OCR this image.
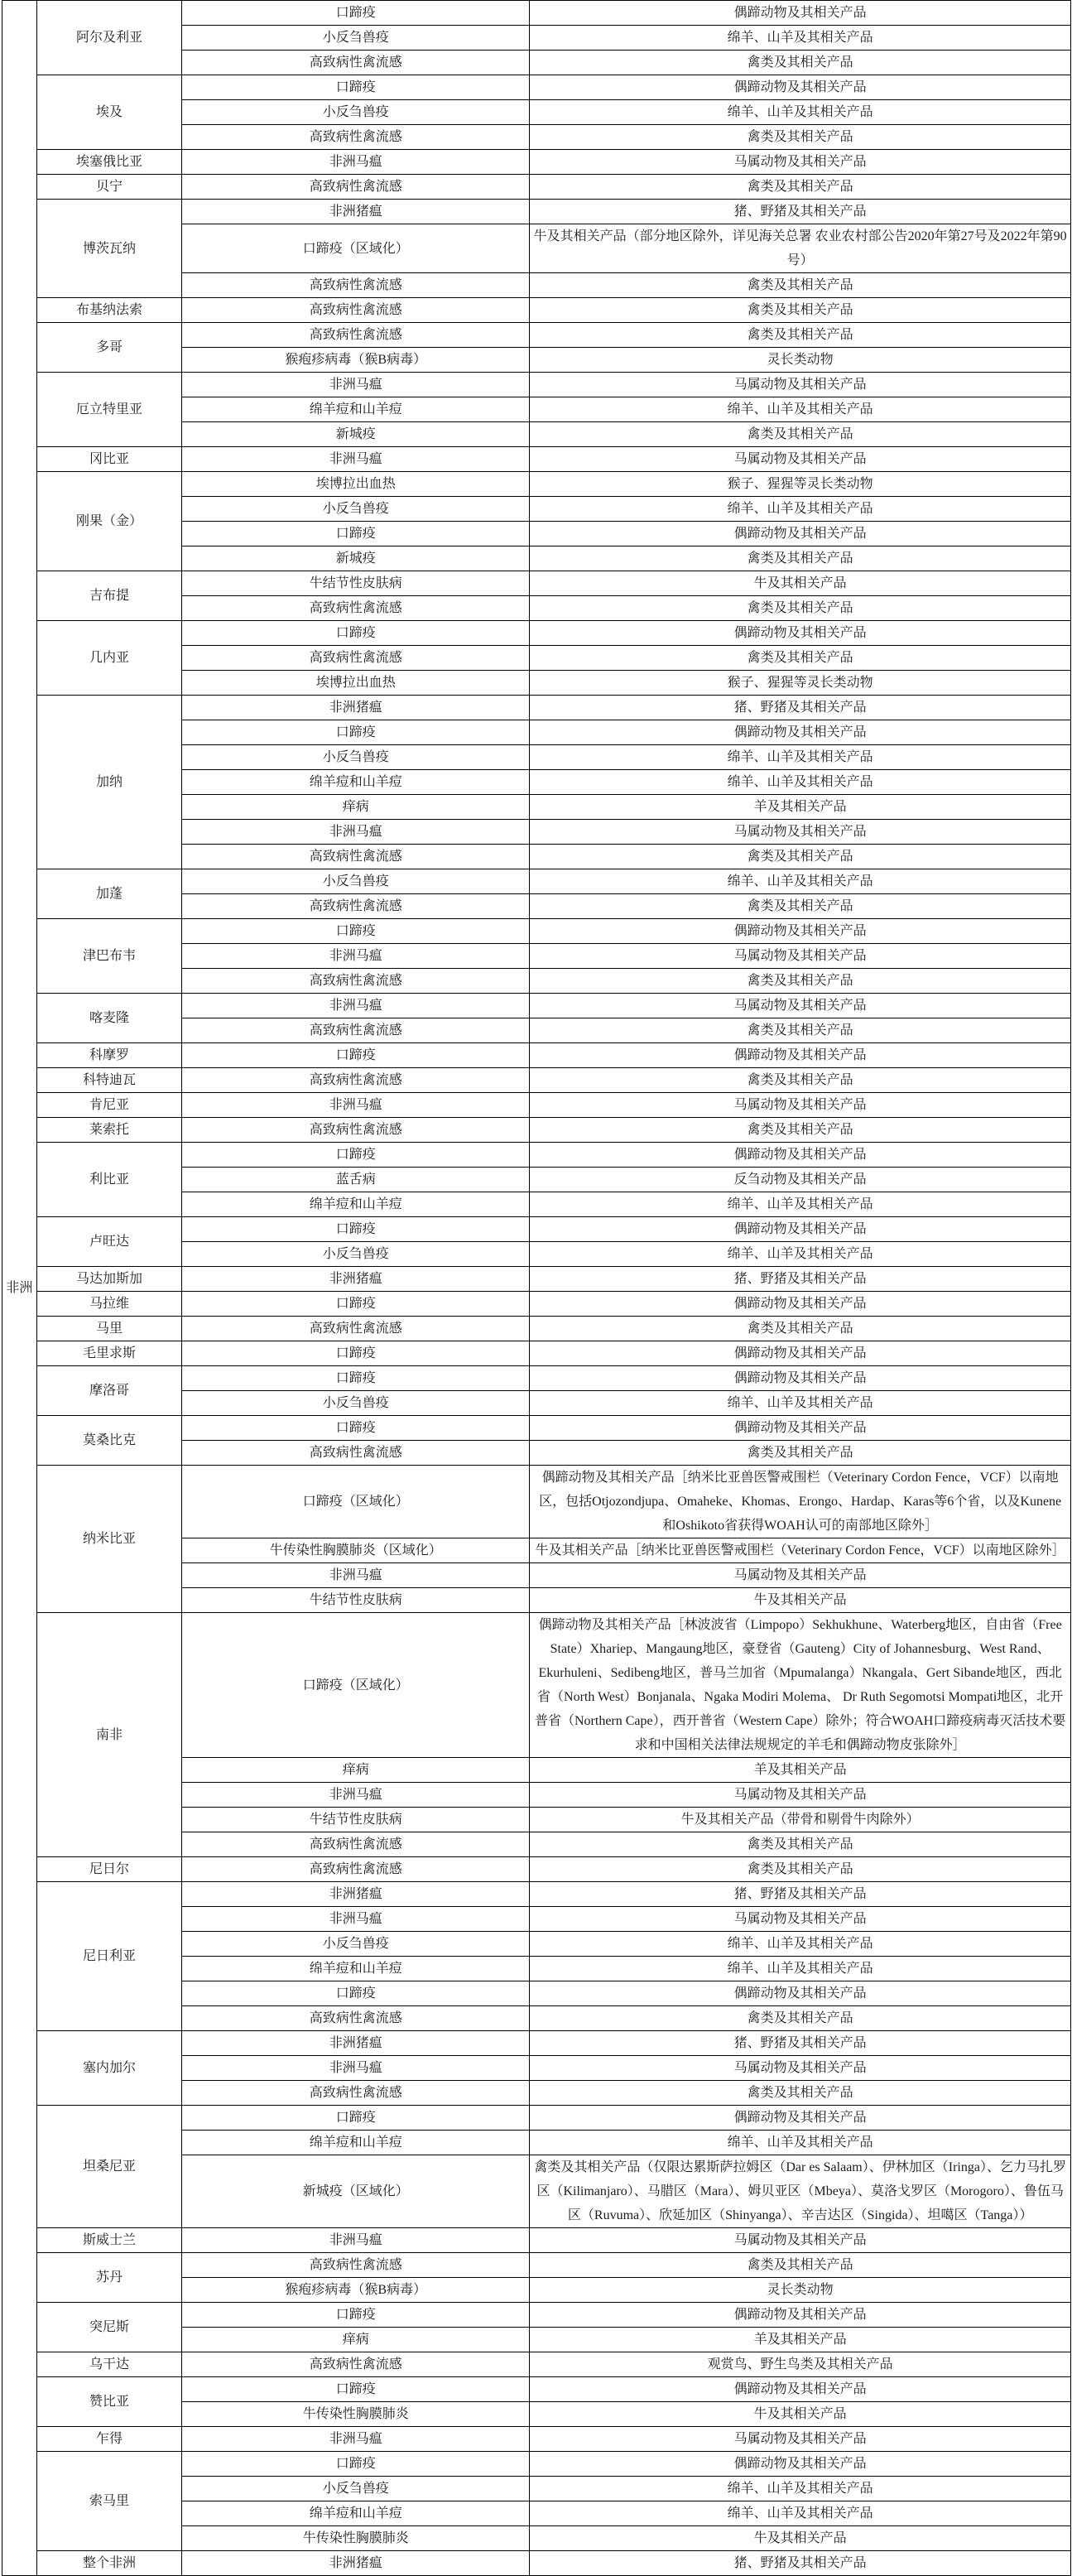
非洲	阿尔及利亚	口蹄疫	偶蹄动物及其相关产品
		小反刍兽疫	绵羊、山羊及其相关产品
		高致病性禽流感	禽类及其相关产品
	埃及	口蹄疫	偶蹄动物及其相关产品
		小反刍兽疫	绵羊、山羊及其相关产品
		高致病性禽流感	禽类及其相关产品
	埃塞俄比亚	非洲马瘟	马属动物及其相关产品
	贝宁	高致病性禽流感	禽类及其相关产品
	博茨瓦纳	非洲猪瘟	猪、野猪及其相关产品
		口蹄疫（区域化）	牛及其相关产品（部分地区除外，详见海关总署 农业农村部公告2020年第27号及2022年第90号）
		高致病性禽流感	禽类及其相关产品
	布基纳法索	高致病性禽流感	禽类及其相关产品
	多哥	高致病性禽流感	禽类及其相关产品
		猴疱疹病毒（猴B病毒）	灵长类动物
	厄立特里亚	非洲马瘟	马属动物及其相关产品
		绵羊痘和山羊痘	绵羊、山羊及其相关产品
		新城疫	禽类及其相关产品
	冈比亚	非洲马瘟	马属动物及其相关产品
	刚果（金）	埃博拉出血热	猴子、猩猩等灵长类动物
		小反刍兽疫	绵羊、山羊及其相关产品
		口蹄疫	偶蹄动物及其相关产品
		新城疫	禽类及其相关产品
	吉布提	牛结节性皮肤病	牛及其相关产品
		高致病性禽流感	禽类及其相关产品
	几内亚	口蹄疫	偶蹄动物及其相关产品
		高致病性禽流感	禽类及其相关产品
		埃博拉出血热	猴子、猩猩等灵长类动物
	加纳	非洲猪瘟	猪、野猪及其相关产品
		口蹄疫	偶蹄动物及其相关产品
		小反刍兽疫	绵羊、山羊及其相关产品
		绵羊痘和山羊痘	绵羊、山羊及其相关产品
		痒病	羊及其相关产品
		非洲马瘟	马属动物及其相关产品
		高致病性禽流感	禽类及其相关产品
	加蓬	小反刍兽疫	绵羊、山羊及其相关产品
		高致病性禽流感	禽类及其相关产品
	津巴布韦	口蹄疫	偶蹄动物及其相关产品
		非洲马瘟	马属动物及其相关产品
		高致病性禽流感	禽类及其相关产品
	喀麦隆	非洲马瘟	马属动物及其相关产品
		高致病性禽流感	禽类及其相关产品
	科摩罗	口蹄疫	偶蹄动物及其相关产品
	科特迪瓦	高致病性禽流感	禽类及其相关产品
	肯尼亚	非洲马瘟	马属动物及其相关产品
	莱索托	高致病性禽流感	禽类及其相关产品
	利比亚	口蹄疫	偶蹄动物及其相关产品
		蓝舌病	反刍动物及其相关产品
		绵羊痘和山羊痘	绵羊、山羊及其相关产品
	卢旺达	口蹄疫	偶蹄动物及其相关产品
		小反刍兽疫	绵羊、山羊及其相关产品
	马达加斯加	非洲猪瘟	猪、野猪及其相关产品
	马拉维	口蹄疫	偶蹄动物及其相关产品
	马里	高致病性禽流感	禽类及其相关产品
	毛里求斯	口蹄疫	偶蹄动物及其相关产品
	摩洛哥	口蹄疫	偶蹄动物及其相关产品
		小反刍兽疫	绵羊、山羊及其相关产品
	莫桑比克	口蹄疫	偶蹄动物及其相关产品
		高致病性禽流感	禽类及其相关产品
	纳米比亚	口蹄疫（区域化）	偶蹄动物及其相关产品［纳米比亚兽医警戒围栏（Veterinary Cordon Fence，VCF）以南地区，包括Otjozondjupa、Omaheke、Khomas、Erongo、Hardap、Karas等6个省，以及Kunene和Oshikoto省获得WOAH认可的南部地区除外］
		牛传染性胸膜肺炎（区域化）	牛及其相关产品［纳米比亚兽医警戒围栏（Veterinary Cordon Fence，VCF）以南地区除外］
		非洲马瘟	马属动物及其相关产品
		牛结节性皮肤病	牛及其相关产品
	南非	口蹄疫（区域化）	偶蹄动物及其相关产品［林波波省（Limpopo）Sekhukhune、Waterberg地区，自由省（Free State）Xhariep、Mangaung地区，豪登省（Gauteng）City of Johannesburg、West Rand、Ekurhuleni、Sedibeng地区，普马兰加省（Mpumalanga）Nkangala、Gert Sibande地区，西北省（North West）Bonjanala、Ngaka Modiri Molema、 Dr Ruth Segomotsi Mompati地区，北开普省（Northern Cape），西开普省（Western Cape）除外；符合WOAH口蹄疫病毒灭活技术要求和中国相关法律法规规定的羊毛和偶蹄动物皮张除外］
		痒病	羊及其相关产品
		非洲马瘟	马属动物及其相关产品
		牛结节性皮肤病	牛及其相关产品（带骨和剔骨牛肉除外）
		高致病性禽流感	禽类及其相关产品
	尼日尔	高致病性禽流感	禽类及其相关产品
	尼日利亚	非洲猪瘟	猪、野猪及其相关产品
		非洲马瘟	马属动物及其相关产品
		小反刍兽疫	绵羊、山羊及其相关产品
		绵羊痘和山羊痘	绵羊、山羊及其相关产品
		口蹄疫	偶蹄动物及其相关产品
		高致病性禽流感	禽类及其相关产品
	塞内加尔	非洲猪瘟	猪、野猪及其相关产品
		非洲马瘟	马属动物及其相关产品
		高致病性禽流感	禽类及其相关产品
	坦桑尼亚	口蹄疫	偶蹄动物及其相关产品
		绵羊痘和山羊痘	绵羊、山羊及其相关产品
		新城疫（区域化）	禽类及其相关产品（仅限达累斯萨拉姆区（Dar es Salaam）、伊林加区（Iringa）、乞力马扎罗区（Kilimanjaro）、马腊区（Mara）、姆贝亚区（Mbeya）、莫洛戈罗区（Morogoro）、鲁伍马区（Ruvuma）、欣延加区（Shinyanga）、辛吉达区（Singida）、坦噶区（Tanga））
	斯威士兰	非洲马瘟	马属动物及其相关产品
	苏丹	高致病性禽流感	禽类及其相关产品
		猴疱疹病毒（猴B病毒）	灵长类动物
	突尼斯	口蹄疫	偶蹄动物及其相关产品
		痒病	羊及其相关产品
	乌干达	高致病性禽流感	观赏鸟、野生鸟类及其相关产品
	赞比亚	口蹄疫	偶蹄动物及其相关产品
		牛传染性胸膜肺炎	牛及其相关产品
	乍得	非洲马瘟	马属动物及其相关产品
	索马里	口蹄疫	偶蹄动物及其相关产品
		小反刍兽疫	绵羊、山羊及其相关产品
		绵羊痘和山羊痘	绵羊、山羊及其相关产品
		牛传染性胸膜肺炎	牛及其相关产品
	整个非洲	非洲猪瘟	猪、野猪及其相关产品
